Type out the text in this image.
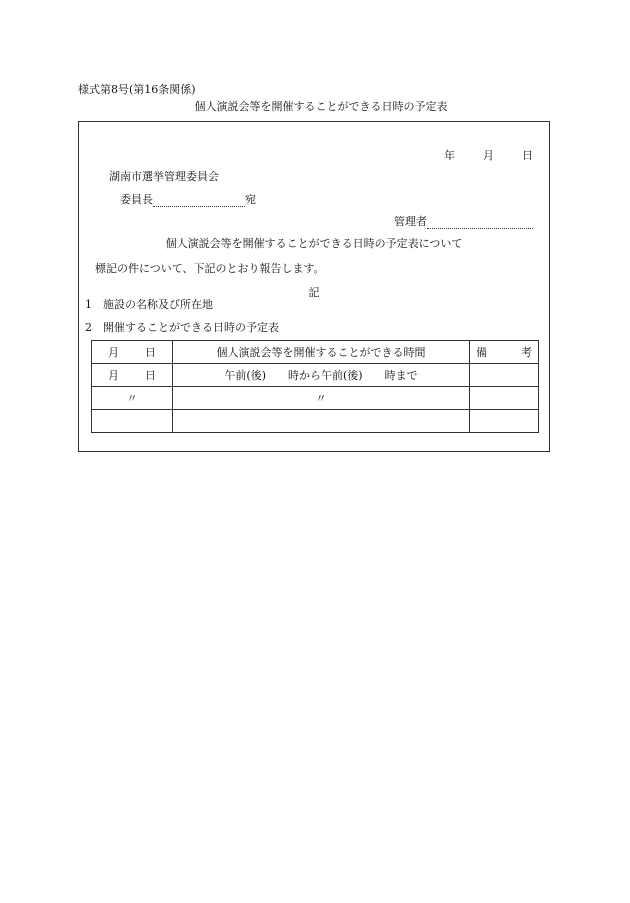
様式第8号(第16条関係)
個人演説会等を開催することができる日時の予定表
年	月	日
湖南市選挙管理委員会
委員長	宛
管理者
個人演説会等を開催することができる日時の予定表について
標記の件について、下記のとおり報告します。
記
1 施設の名称及び所在地
2 開催することができる日時の予定表
月 日	個人演説会等を開催することができる時間	備 考
月 日	午前(後)　　時から午前(後)　　時まで	
〃	〃	
